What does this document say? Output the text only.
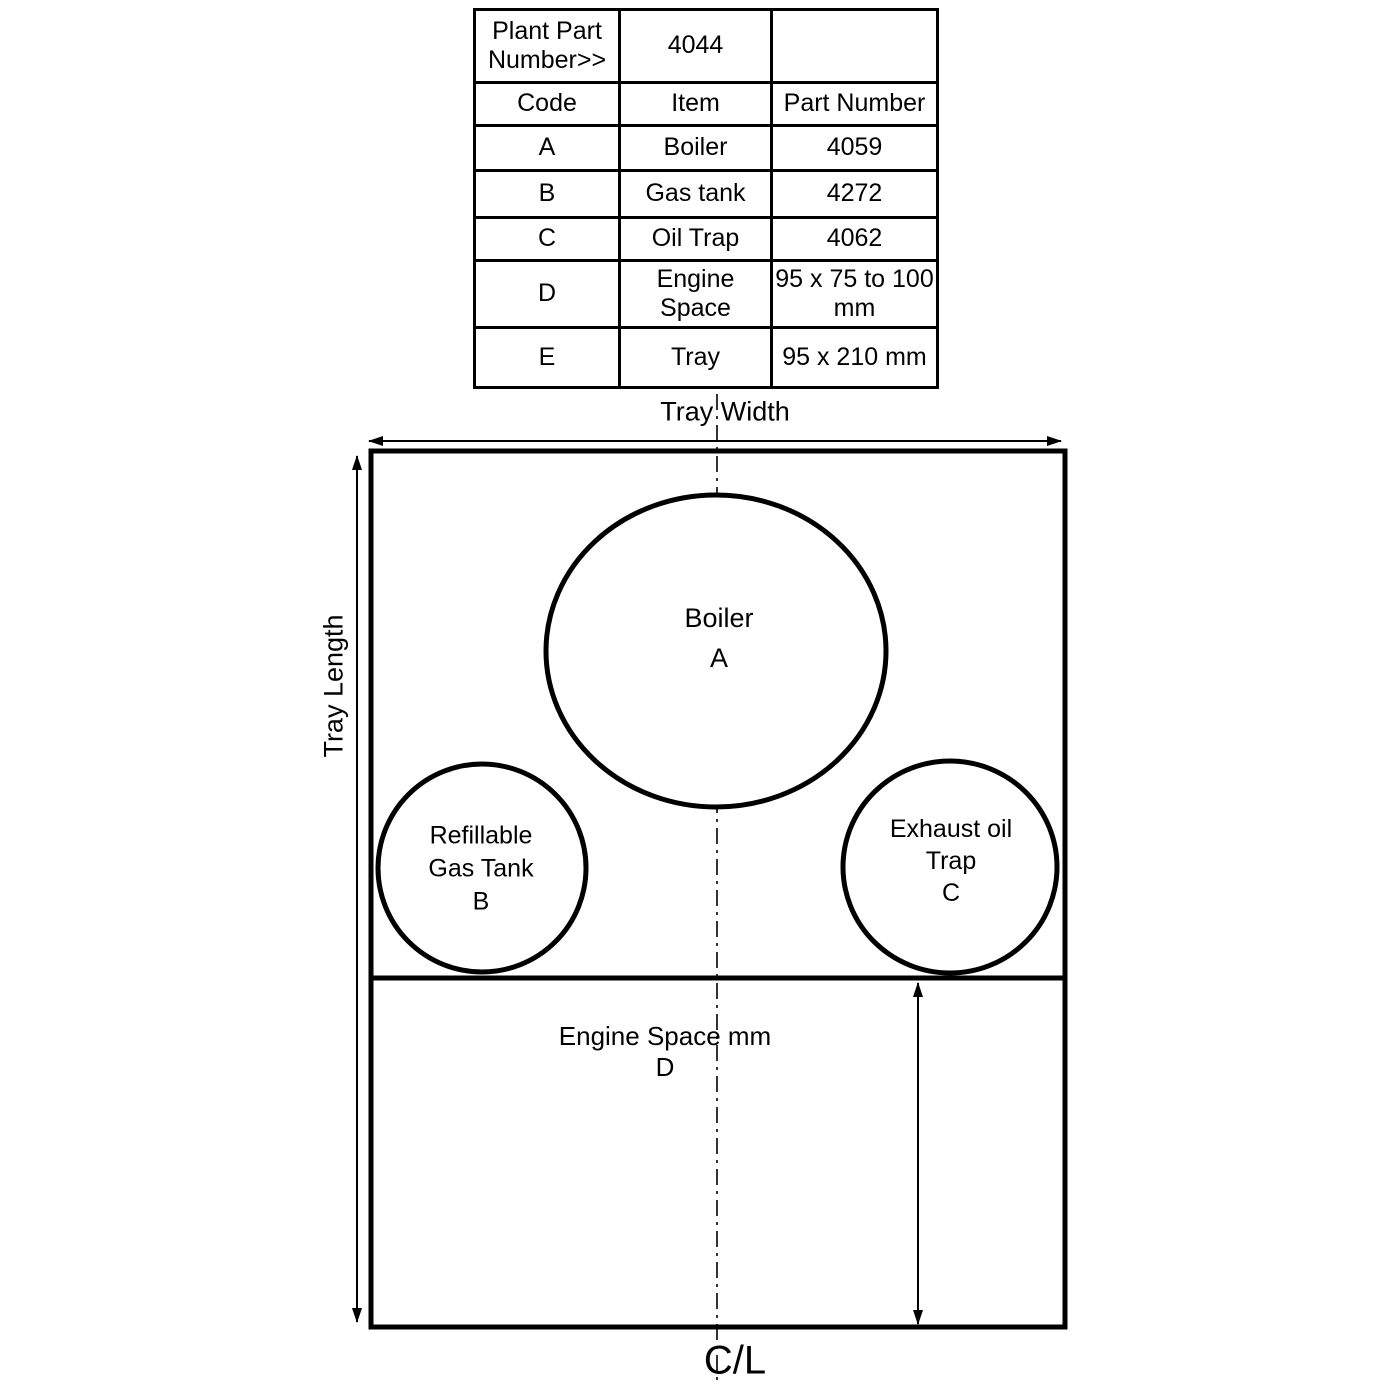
Plant Part Number>>	4044	
Code	Item	Part Number
A	Boiler	4059
B	Gas tank	4272
C	Oil Trap	4062
D	Engine Space	95 x 75 to 100 mm
E	Tray	95 x 210 mm
Tray Width
Tray Length	Boiler
A
Refillable
Gas Tank
B
Exhaust oil
Trap
C
Engine Space mm
D
C/L
